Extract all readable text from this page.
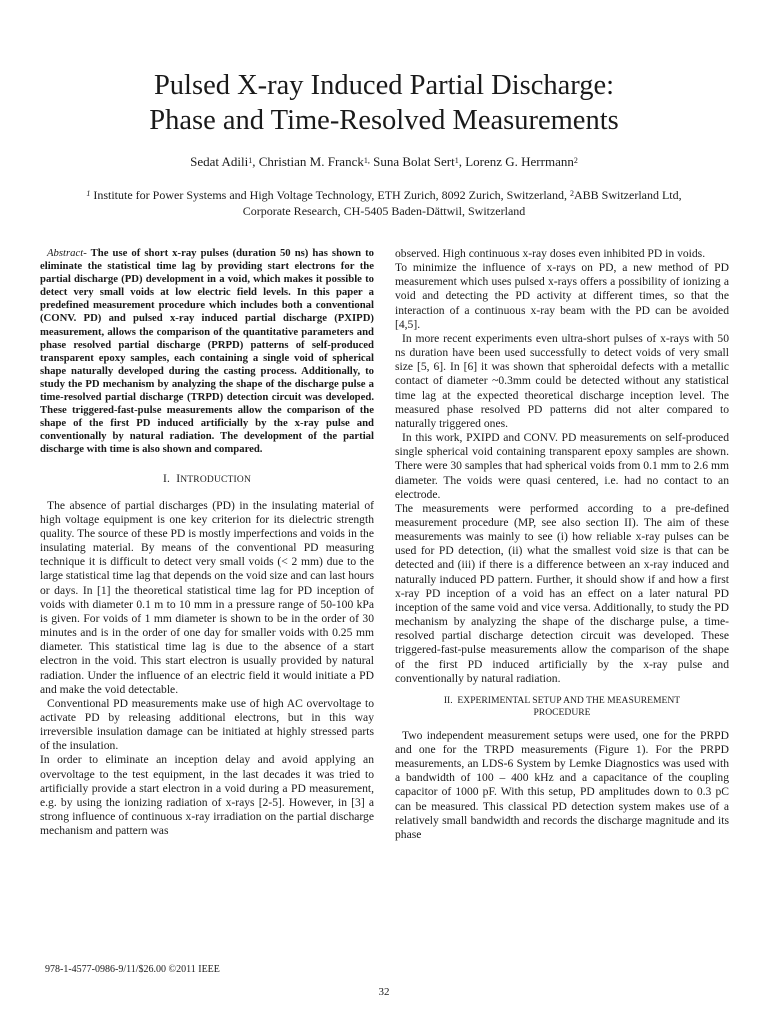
Pulsed X-ray Induced Partial Discharge:
Phase and Time-Resolved Measurements
Sedat Adili$^1$, Christian M. Franck$^{1,}$ Suna Bolat Sert$^1$, Lorenz G. Herrmann$^2$
$^1$ Institute for Power Systems and High Voltage Technology, ETH Zurich, 8092 Zurich, Switzerland, $^2$ABB Switzerland Ltd,
Corporate Research, CH-5405 Baden-Dättwil, Switzerland

Abstract- The use of short x-ray pulses (duration 50 ns) has shown to eliminate the statistical time lag by providing start electrons for the partial discharge (PD) development in a void, which makes it possible to detect very small voids at low electric field levels. In this paper a predefined measurement procedure which includes both a conventional (CONV. PD) and pulsed x-ray induced partial discharge (PXIPD) measurement, allows the comparison of the quantitative parameters and phase resolved partial discharge (PRPD) patterns of self-produced transparent epoxy samples, each containing a single void of spherical shape naturally developed during the casting process. Additionally, to study the PD mechanism by analyzing the shape of the discharge pulse a time-resolved partial discharge (TRPD) detection circuit was developed. These triggered-fast-pulse measurements allow the comparison of the shape of the first PD induced artificially by the x-ray pulse and conventionally by natural radiation. The development of the partial discharge with time is also shown and compared.

I. INTRODUCTION

The absence of partial discharges (PD) in the insulating material of high voltage equipment is one key criterion for its dielectric strength quality. The source of these PD is mostly imperfections and voids in the insulating material. By means of the conventional PD measuring technique it is difficult to detect very small voids (< 2 mm) due to the large statistical time lag that depends on the void size and can last hours or days. In [1] the theoretical statistical time lag for PD inception of voids with diameter 0.1 m to 10 mm in a pressure range of 50-100 kPa is given. For voids of 1 mm diameter is shown to be in the order of 30 minutes and is in the order of one day for smaller voids with 0.25 mm diameter. This statistical time lag is due to the absence of a start electron in the void. This start electron is usually provided by natural radiation. Under the influence of an electric field it would initiate a PD and make the void detectable.

Conventional PD measurements make use of high AC overvoltage to activate PD by releasing additional electrons, but in this way irreversible insulation damage can be initiated at highly stressed parts of the insulation.

In order to eliminate an inception delay and avoid applying an overvoltage to the test equipment, in the last decades it was tried to artificially provide a start electron in a void during a PD measurement, e.g. by using the ionizing radiation of x-rays [2-5]. However, in [3] a strong influence of continuous x-ray irradiation on the partial discharge mechanism and pattern was

observed. High continuous x-ray doses even inhibited PD in voids.

To minimize the influence of x-rays on PD, a new method of PD measurement which uses pulsed x-rays offers a possibility of ionizing a void and detecting the PD activity at different times, so that the interaction of a continuous x-ray beam with the PD can be avoided [4,5].

In more recent experiments even ultra-short pulses of x-rays with 50 ns duration have been used successfully to detect voids of very small size [5, 6]. In [6] it was shown that spheroidal defects with a metallic contact of diameter ~0.3mm could be detected without any statistical time lag at the expected theoretical discharge inception level. The measured phase resolved PD patterns did not alter compared to naturally triggered ones.

In this work, PXIPD and CONV. PD measurements on self-produced single spherical void containing transparent epoxy samples are shown. There were 30 samples that had spherical voids from 0.1 mm to 2.6 mm diameter. The voids were quasi centered, i.e. had no contact to an electrode.

The measurements were performed according to a pre-defined measurement procedure (MP, see also section II). The aim of these measurements was mainly to see (i) how reliable x-ray pulses can be used for PD detection, (ii) what the smallest void size is that can be detected and (iii) if there is a difference between an x-ray induced and naturally induced PD pattern. Further, it should show if and how a first x-ray PD inception of a void has an effect on a later natural PD inception of the same void and vice versa. Additionally, to study the PD mechanism by analyzing the shape of the discharge pulse, a time-resolved partial discharge detection circuit was developed. These triggered-fast-pulse measurements allow the comparison of the shape of the first PD induced artificially by the x-ray pulse and conventionally by natural radiation.

II. EXPERIMENTAL SETUP AND THE MEASUREMENT
PROCEDURE

Two independent measurement setups were used, one for the PRPD and one for the TRPD measurements (Figure 1). For the PRPD measurements, an LDS-6 System by Lemke Diagnostics was used with a bandwidth of 100 – 400 kHz and a capacitance of the coupling capacitor of 1000 pF. With this setup, PD amplitudes down to 0.3 pC can be measured. This classical PD detection system makes use of a relatively small bandwidth and records the discharge magnitude and its phase

978-1-4577-0986-9/11/$26.00 ©2011 IEEE
32
